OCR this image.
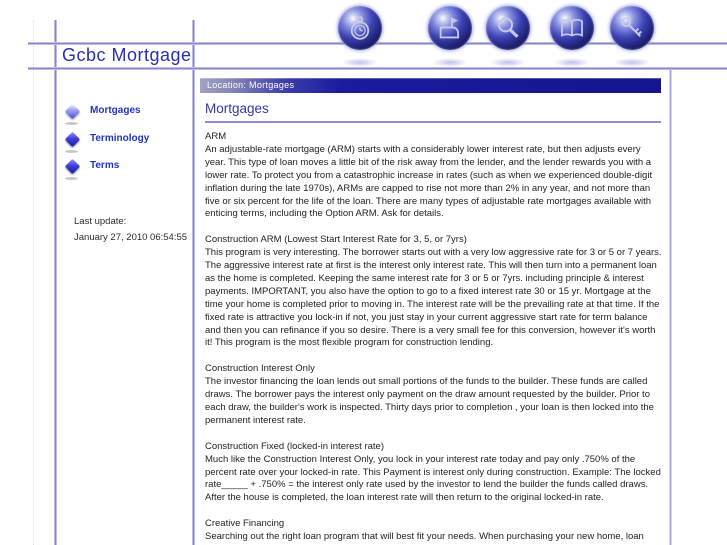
Gcbc Mortgage
Location: Mortgages
Mortgages
Terminology
Terms
Last update:
January 27, 2010 06:54:55
Mortgages
ARM
An adjustable-rate mortgage (ARM) starts with a considerably lower interest rate, but then adjusts every year. This type of loan moves a little bit of the risk away from the lender, and the lender rewards you with a lower rate. To protect you from a catastrophic increase in rates (such as when we experienced double-digit inflation during the late 1970s), ARMs are capped to rise not more than 2% in any year, and not more than five or six percent for the life of the loan. There are many types of adjustable rate mortgages available with enticing terms, including the Option ARM. Ask for details.
Construction ARM (Lowest Start Interest Rate for 3, 5, or 7yrs)
This program is very interesting. The borrower starts out with a very low aggressive rate for 3 or 5 or 7 years. The aggressive interest rate at first is the interest only interest rate. This will then turn into a permanent loan as the home is completed. Keeping the same interest rate for 3 or 5 or 7yrs. including principle & interest payments. IMPORTANT, you also have the option to go to a fixed interest rate 30 or 15 yr. Mortgage at the time your home is completed prior to moving in. The interest rate will be the prevailing rate at that time. If the fixed rate is attractive you lock-in if not, you just stay in your current aggressive start rate for term balance and then you can refinance if you so desire. There is a very small fee for this conversion, however it's worth it! This program is the most flexible program for construction lending.
Construction Interest Only
The investor financing the loan lends out small portions of the funds to the builder. These funds are called draws. The borrower pays the interest only payment on the draw amount requested by the builder. Prior to each draw, the builder's work is inspected. Thirty days prior to completion , your loan is then locked into the permanent interest rate.
Construction Fixed (locked-in interest rate)
Much like the Construction Interest Only, you lock in your interest rate today and pay only .750% of the percent rate over your locked-in rate. This Payment is interest only during construction. Example: The locked rate_____ + .750% = the interest only rate used by the investor to lend the builder the funds called draws. After the house is completed, the loan interest rate will then return to the original locked-in rate.
Creative Financing
Searching out the right loan program that will best fit your needs. When purchasing your new home, loan
